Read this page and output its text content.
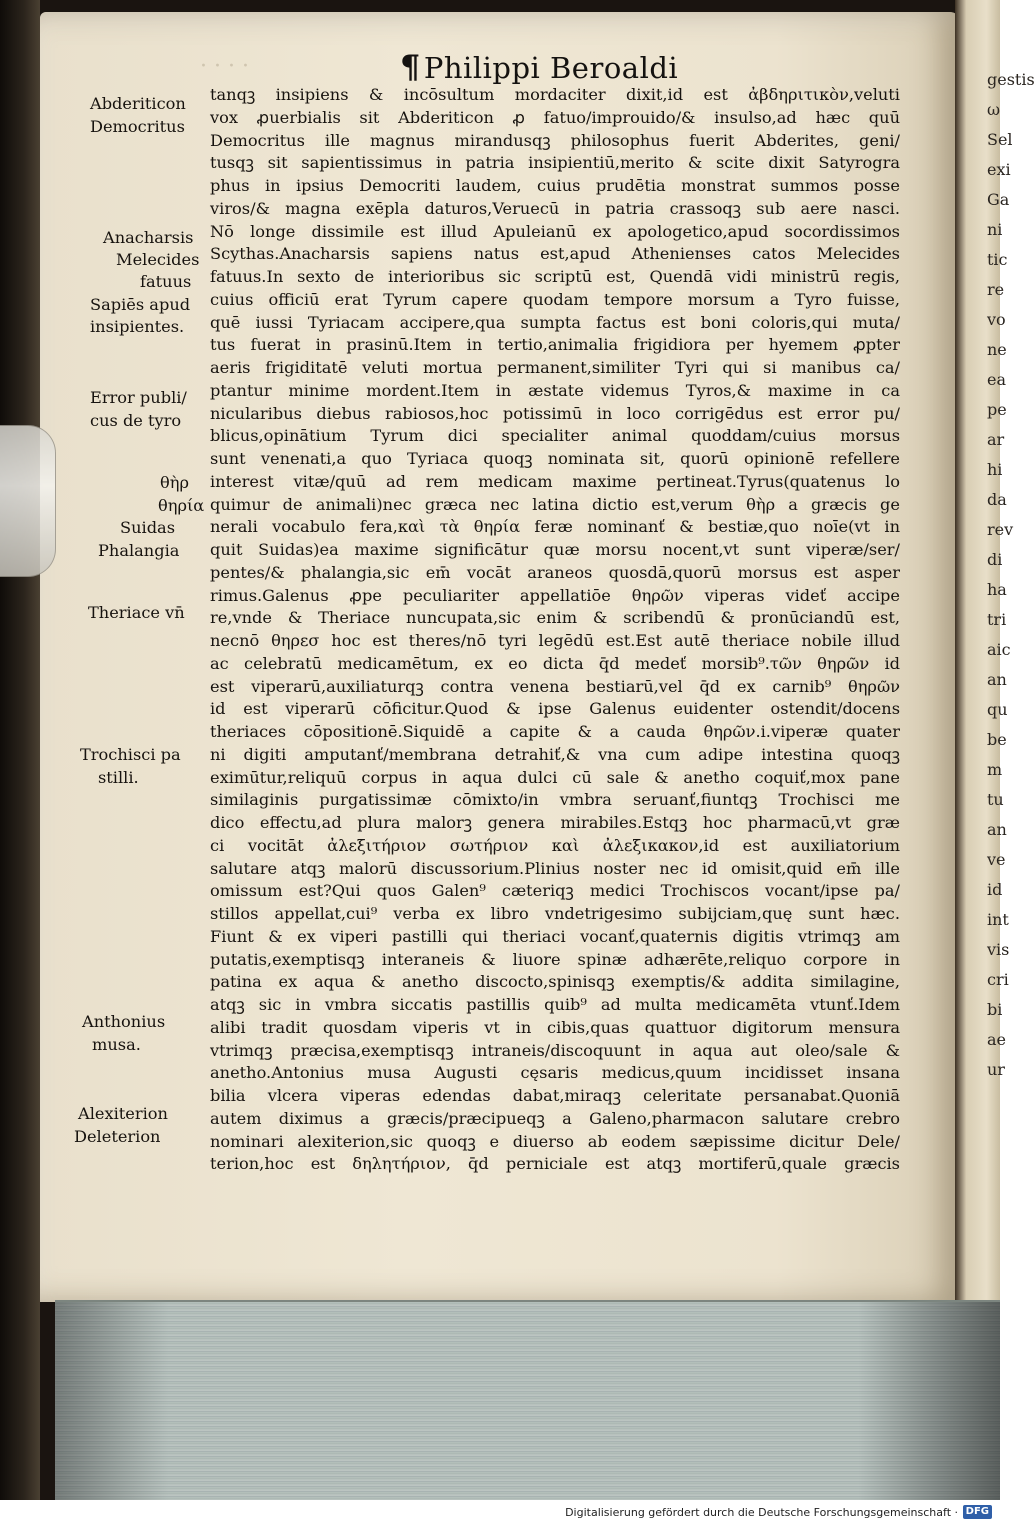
· · · ·
gestis
ω
Sel
exi
Ga
ni
tic
re
vo
ne
ea
pe
ar
hi
da
rev
di
ha
tri
aic
an
qu
be
m
tu
an
ve
id
int
vis
cri
bi
ae
ur
¶ Philippi Beroaldi
tanqꝫ insipiens & incōsultum mordaciter dixit,id est ἀβδηριτικὸν,veluti
vox ꝓuerbialis sit Abderiticon ꝓ fatuo/improuido/& insulso,ad hæc quū
Democritus ille magnus mirandusqꝫ philosophus fuerit Abderites, geni/
tusqꝫ sit sapientissimus in patria insipientiū,merito & scite dixit Satyrogra
phus in ipsius Democriti laudem, cuius prudētia monstrat summos posse
viros/& magna exēpla daturos,Veruecū in patria crassoqꝫ sub aere nasci.
Nō longe dissimile est illud Apuleianū ex apologetico,apud socordissimos
Scythas.Anacharsis sapiens natus est,apud Athenienses catos Melecides
fatuus.In sexto de interioribus sic scriptū est, Quendā vidi ministrū regis,
cuius officiū erat Tyrum capere quodam tempore morsum a Tyro fuisse,
quē iussi Tyriacam accipere,qua sumpta factus est boni coloris,qui muta/
tus fuerat in prasinū.Item in tertio,animalia frigidiora per hyemem ꝓpter
aeris frigiditatē veluti mortua permanent,similiter Tyri qui si manibus ca/
ptantur minime mordent.Item in æstate videmus Tyros,& maxime in ca
nicularibus diebus rabiosos,hoc potissimū in loco corrigēdus est error pu/
blicus,opinātium Tyrum dici specialiter animal quoddam/cuius morsus
sunt venenati,a quo Tyriaca quoqꝫ nominata sit, quorū opinionē refellere
interest vitæ/quū ad rem medicam maxime pertineat.Tyrus(quatenus lo
quimur de animali)nec græca nec latina dictio est,verum θὴρ a græcis ge
nerali vocabulo fera,καὶ τὰ θηρία feræ nominanť & bestiæ,quo noīe(vt in
quit Suidas)ea maxime significātur quæ morsu nocent,vt sunt viperæ/ser/
pentes/& phalangia,sic em̄ vocāt araneos quosdā,quorū morsus est asper
rimus.Galenus ꝓpe peculiariter appellatiōe θηρῶν viperas videť accipe
re,vnde & Theriace nuncupata,sic enim & scribendū & pronūciandū est,
necnō θηρεσ hoc est theres/nō tyri legēdū est.Est autē theriace nobile illud
ac celebratū medicamētum, ex eo dicta q̄d medeť morsib⁹.τῶν θηρῶν id
est viperarū,auxiliaturqꝫ contra venena bestiarū,vel q̄d ex carnib⁹ θηρῶν
id est viperarū cōficitur.Quod & ipse Galenus euidenter ostendit/docens
theriaces cōpositionē.Siquidē a capite & a cauda θηρῶν.i.viperæ quater
ni digiti amputanť/membrana detrahiť,& vna cum adipe intestina quoqꝫ
eximūtur,reliquū corpus in aqua dulci cū sale & anetho coquiť,mox pane
similaginis purgatissimæ cōmixto/in vmbra seruanť,fiuntqꝫ Trochisci me
dico effectu,ad plura malorꝫ genera mirabiles.Estqꝫ hoc pharmacū,vt græ
ci vocitāt ἀλεξιτήριον σωτήριον καὶ ἀλεξικακον,id est auxiliatorium
salutare atqꝫ malorū discussorium.Plinius noster nec id omisit,quid em̄ ille
omissum est?Qui quos Galen⁹ cæteriqꝫ medici Trochiscos vocant/ipse pa/
stillos appellat,cui⁹ verba ex libro vndetrigesimo subijciam,quę sunt hæc.
Fiunt & ex viperi pastilli qui theriaci vocanť,quaternis digitis vtrimqꝫ am
putatis,exemptisqꝫ interaneis & liuore spinæ adhærēte,reliquo corpore in
patina ex aqua & anetho discocto,spinisqꝫ exemptis/& addita similagine,
atqꝫ sic in vmbra siccatis pastillis quib⁹ ad multa medicamēta vtunť.Idem
alibi tradit quosdam viperis vt in cibis,quas quattuor digitorum mensura
vtrimqꝫ præcisa,exemptisqꝫ intraneis/discoquunt in aqua aut oleo/sale &
anetho.Antonius musa Augusti cęsaris medicus,quum incidisset insana
bilia vlcera viperas edendas dabat,miraqꝫ celeritate persanabat.Quoniā
autem diximus a græcis/præcipueqꝫ a Galeno,pharmacon salutare crebro
nominari alexiterion,sic quoqꝫ e diuerso ab eodem sæpissime dicitur Dele/
terion,hoc est δηλητήριον, q̄d perniciale est atqꝫ mortiferū,quale græcis
Abderiticon
Democritus
Anacharsis
Melecides
fatuus
Sapiēs apud
insipientes.
Error publi/
cus de tyro
θὴρ
θηρία
Suidas
Phalangia
Theriace vn̄
Trochisci pa
stilli.
Anthonius
musa.
Alexiterion
Deleterion
Digitalisierung gefördert durch die Deutsche Forschungsgemeinschaft · DFG
